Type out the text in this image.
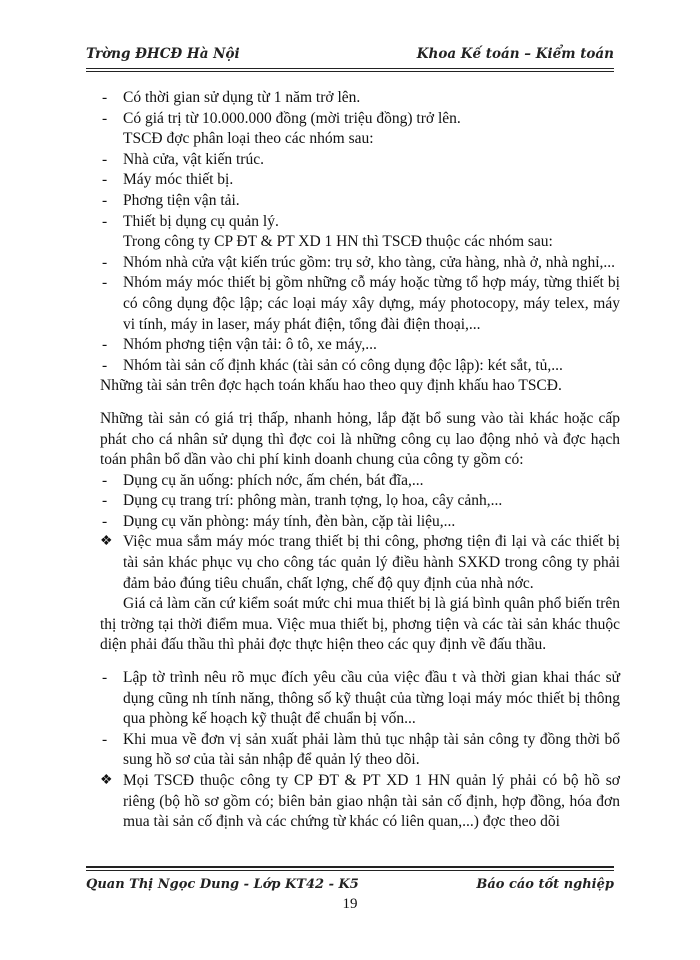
Trờng ĐHCĐ Hà Nội	Khoa Kế toán – Kiểm toán
- Có thời gian sử dụng từ 1 năm trở lên.
- Có giá trị từ 10.000.000 đồng (mời triệu đồng) trở lên.
TSCĐ đợc phân loại theo các nhóm sau:
- Nhà cửa, vật kiến trúc.
- Máy móc thiết bị.
- Phơng tiện vận tải.
- Thiết bị dụng cụ quản lý.
Trong công ty CP ĐT & PT XD 1 HN thì TSCĐ thuộc các nhóm sau:
- Nhóm nhà cửa vật kiến trúc gồm: trụ sở, kho tàng, cửa hàng, nhà ở, nhà nghỉ,...
- Nhóm máy móc thiết bị gồm những cỗ máy hoặc từng tổ hợp máy, từng thiết bị có công dụng độc lập; các loại máy xây dựng, máy photocopy, máy telex, máy vi tính, máy in laser, máy phát điện, tổng đài điện thoại,...
- Nhóm phơng tiện vận tải: ô tô, xe máy,...
- Nhóm tài sản cố định khác (tài sản có công dụng độc lập): két sắt, tủ,...
Những tài sản trên đợc hạch toán khấu hao theo quy định khấu hao TSCĐ.
Những tài sản có giá trị thấp, nhanh hỏng, lắp đặt bổ sung vào tài khác hoặc cấp phát cho cá nhân sử dụng thì đợc coi là những công cụ lao động nhỏ và đợc hạch toán phân bổ dần vào chi phí kinh doanh chung của công ty gồm có:
- Dụng cụ ăn uống: phích nớc, ấm chén, bát đĩa,...
- Dụng cụ trang trí: phông màn, tranh tợng, lọ hoa, cây cảnh,...
- Dụng cụ văn phòng: máy tính, đèn bàn, cặp tài liệu,...
❖ Việc mua sắm máy móc trang thiết bị thi công, phơng tiện đi lại và các thiết bị tài sản khác phục vụ cho công tác quản lý điều hành SXKD trong công ty phải đảm bảo đúng tiêu chuẩn, chất lợng, chế độ quy định của nhà nớc.
Giá cả làm căn cứ kiểm soát mức chi mua thiết bị là giá bình quân phổ biến trên thị trờng tại thời điểm mua. Việc mua thiết bị, phơng tiện và các tài sản khác thuộc diện phải đấu thầu thì phải đợc thực hiện theo các quy định về đấu thầu.
- Lập tờ trình nêu rõ mục đích yêu cầu của việc đầu t và thời gian khai thác sử dụng cũng nh tính năng, thông số kỹ thuật của từng loại máy móc thiết bị thông qua phòng kế hoạch kỹ thuật để chuẩn bị vốn...
- Khi mua về đơn vị sản xuất phải làm thủ tục nhập tài sản công ty đồng thời bổ sung hồ sơ của tài sản nhập để quản lý theo dõi.
❖ Mọi TSCĐ thuộc công ty CP ĐT & PT XD 1 HN quản lý phải có bộ hồ sơ riêng (bộ hồ sơ gồm có; biên bản giao nhận tài sản cố định, hợp đồng, hóa đơn mua tài sản cố định và các chứng từ khác có liên quan,...) đợc theo dõi
Quan Thị Ngọc Dung - Lớp KT42 - K5	Báo cáo tốt nghiệp
19
